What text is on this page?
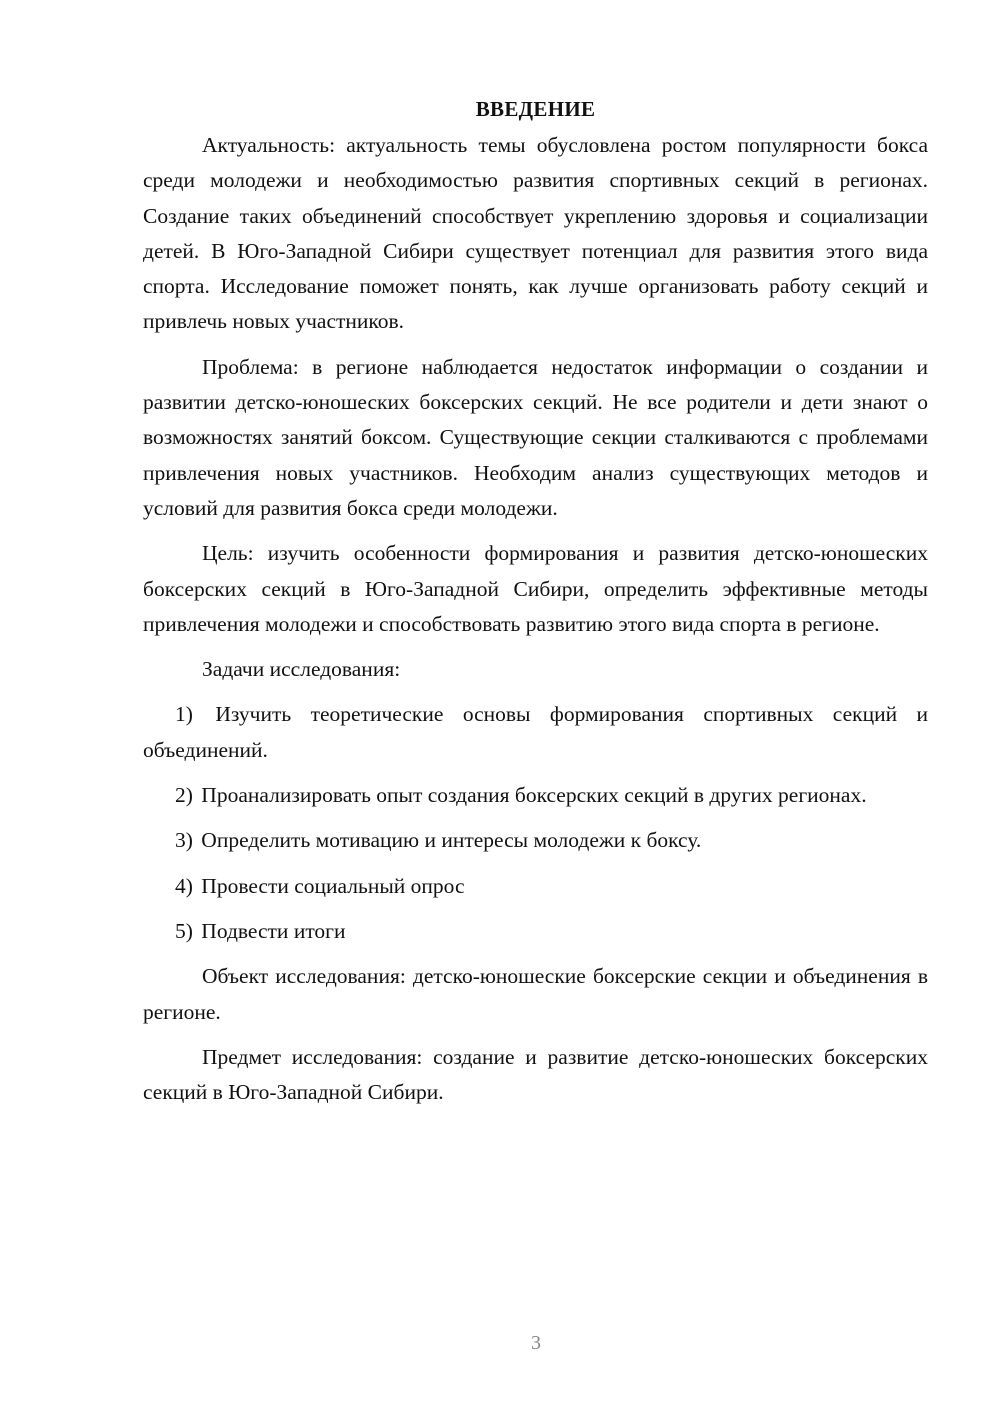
ВВЕДЕНИЕ

Актуальность: актуальность темы обусловлена ростом популярности бокса среди молодежи и необходимостью развития спортивных секций в регионах. Создание таких объединений способствует укреплению здоровья и социализации детей. В Юго-Западной Сибири существует потенциал для развития этого вида спорта. Исследование поможет понять, как лучше организовать работу секций и привлечь новых участников.

Проблема: в регионе наблюдается недостаток информации о создании и развитии детско-юношеских боксерских секций. Не все родители и дети знают о возможностях занятий боксом. Существующие секции сталкиваются с проблемами привлечения новых участников. Необходим анализ существующих методов и условий для развития бокса среди молодежи.

Цель: изучить особенности формирования и развития детско-юношеских боксерских секций в Юго-Западной Сибири, определить эффективные методы привлечения молодежи и способствовать развитию этого вида спорта в регионе.

Задачи исследования:

1) Изучить теоретические основы формирования спортивных секций и объединений.

2) Проанализировать опыт создания боксерских секций в других регионах.

3) Определить мотивацию и интересы молодежи к боксу.

4) Провести социальный опрос

5) Подвести итоги

Объект исследования: детско-юношеские боксерские секции и объединения в регионе.

Предмет исследования: создание и развитие детско-юношеских боксерских секций в Юго-Западной Сибири.

3
